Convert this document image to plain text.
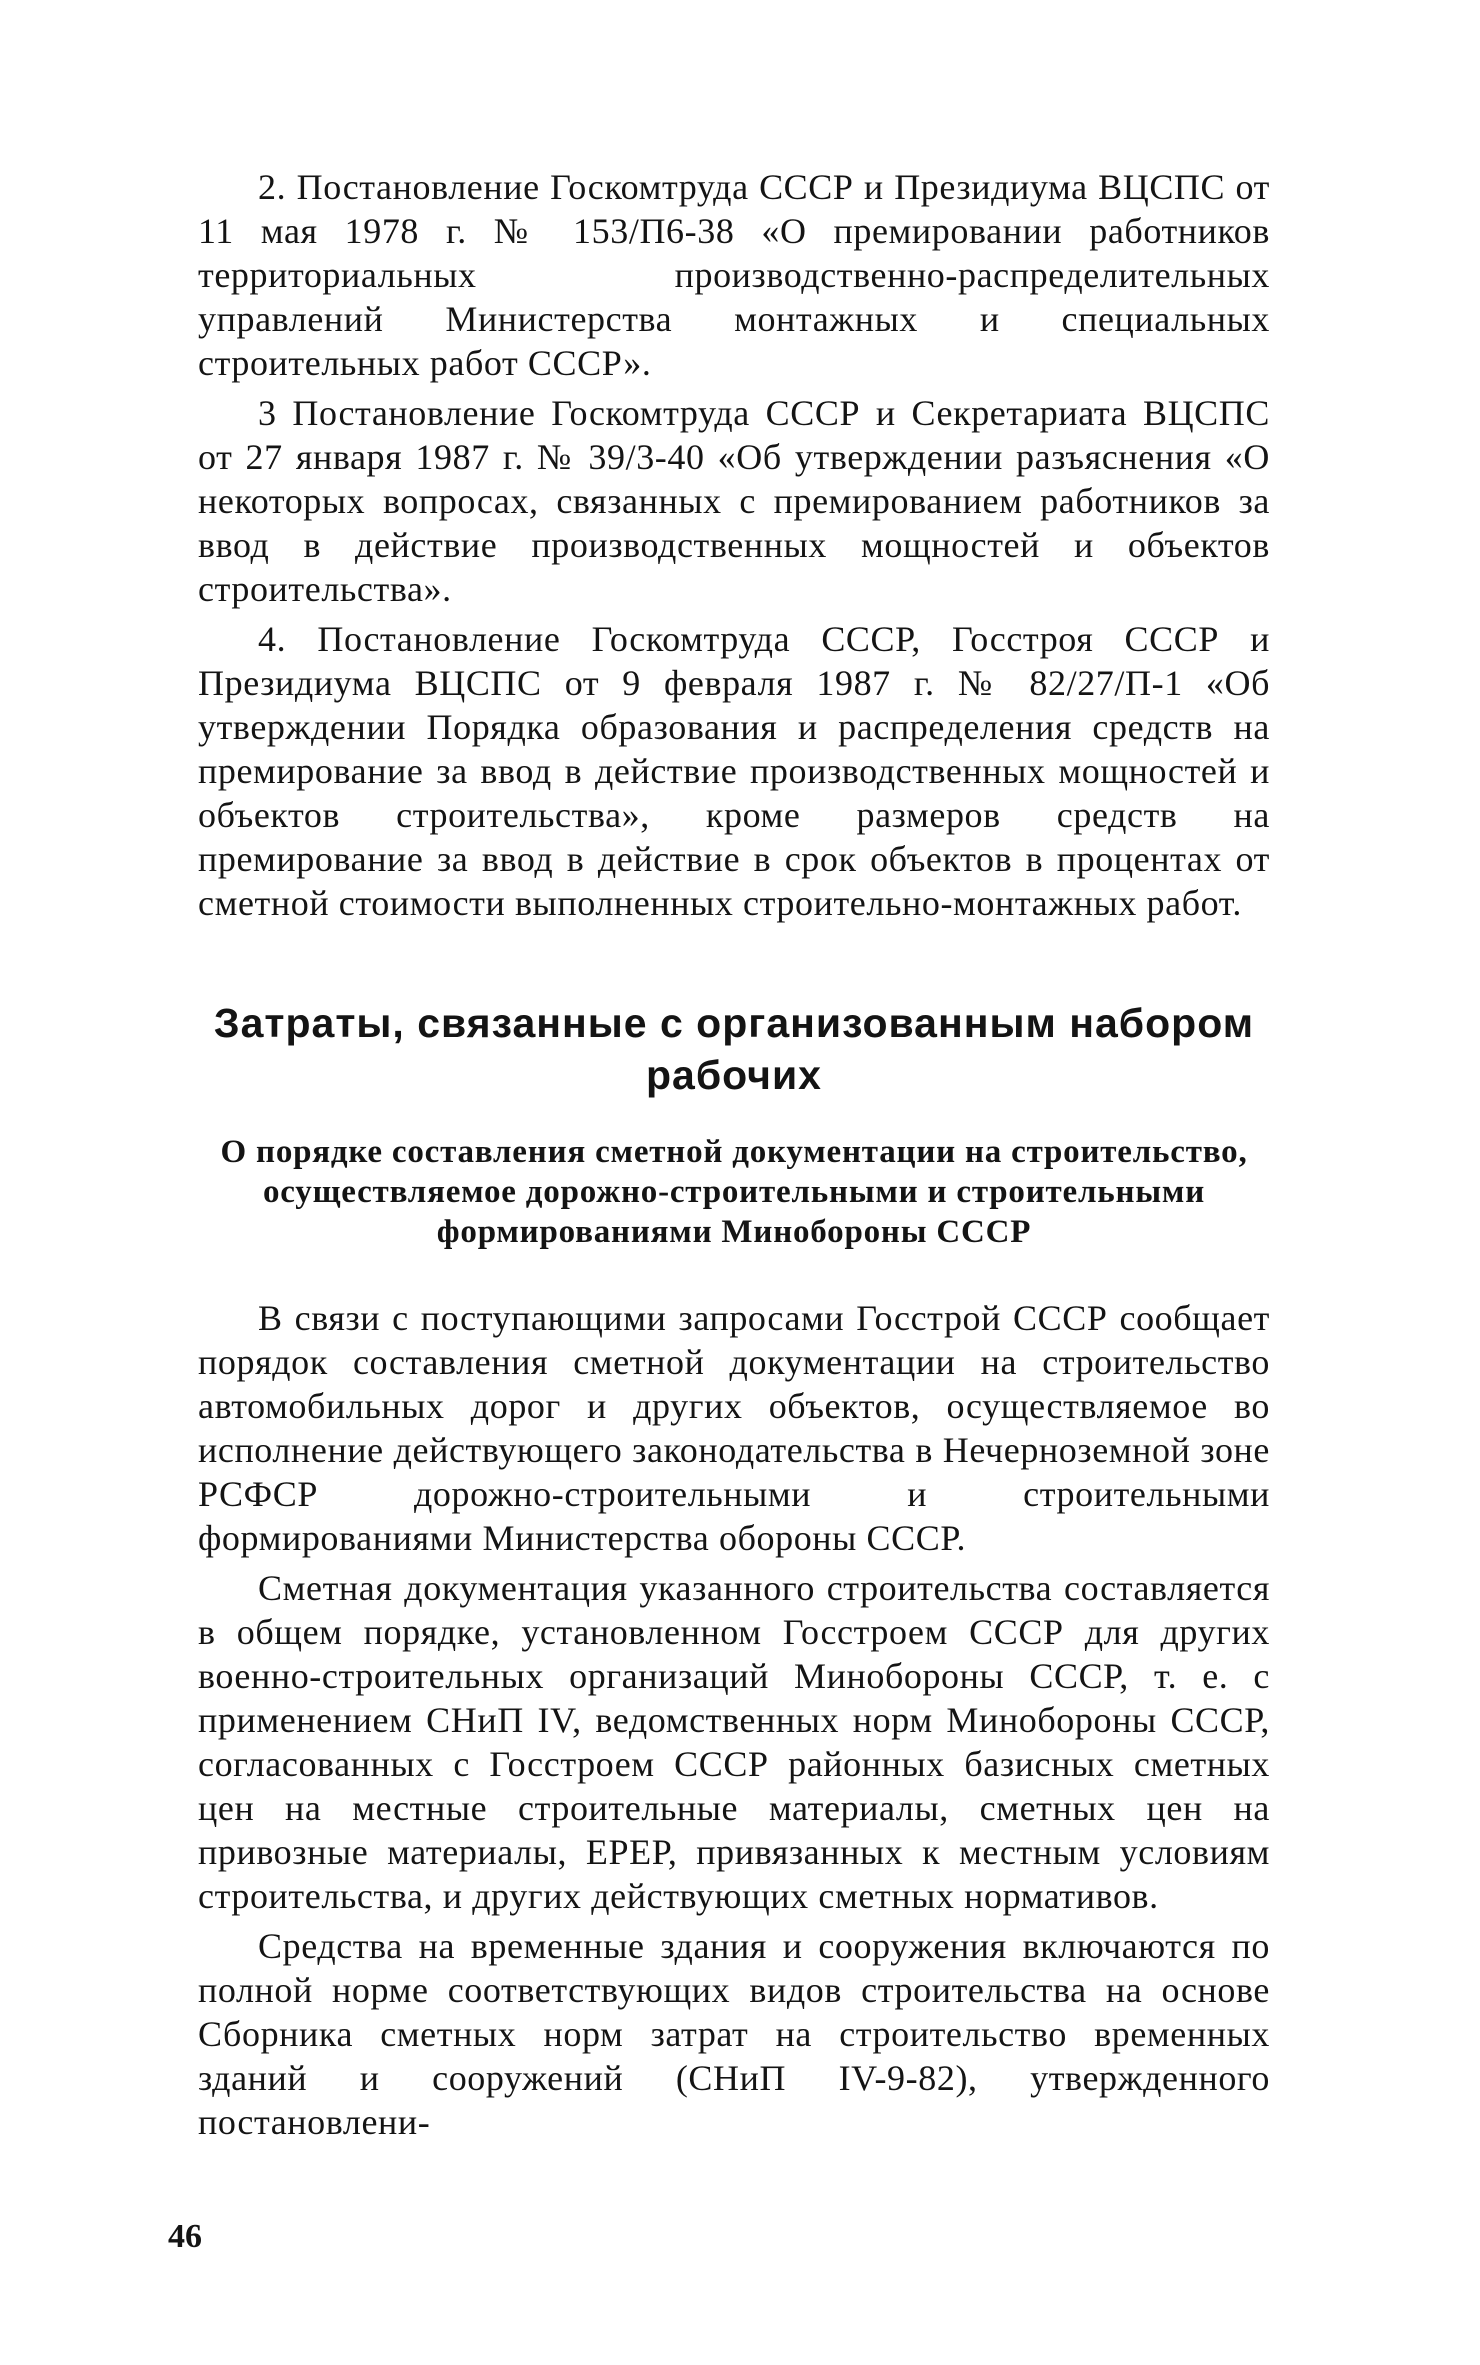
2. Постановление Госкомтруда СССР и Президиума ВЦСПС от 11 мая 1978 г. № 153/П6-38 «О премировании работников территориальных производственно-распределительных управлений Министерства монтажных и специальных строительных работ СССР».

3 Постановление Госкомтруда СССР и Секретариата ВЦСПС от 27 января 1987 г. № 39/3-40 «Об утверждении разъяснения «О некоторых вопросах, связанных с премированием работников за ввод в действие производственных мощностей и объектов строительства».

4. Постановление Госкомтруда СССР, Госстроя СССР и Президиума ВЦСПС от 9 февраля 1987 г. № 82/27/П-1 «Об утверждении Порядка образования и распределения средств на премирование за ввод в действие производственных мощностей и объектов строительства», кроме размеров средств на премирование за ввод в действие в срок объектов в процентах от сметной стоимости выполненных строительно-монтажных работ.

Затраты, связанные с организованным набором рабочих
О порядке составления сметной документации на строительство, осуществляемое дорожно-строительными и строительными формированиями Минобороны СССР

В связи с поступающими запросами Госстрой СССР сообщает порядок составления сметной документации на строительство автомобильных дорог и других объектов, осуществляемое во исполнение действующего законодательства в Нечерноземной зоне РСФСР дорожно-строительными и строительными формированиями Министерства обороны СССР.

Сметная документация указанного строительства составляется в общем порядке, установленном Госстроем СССР для других военно-строительных организаций Минобороны СССР, т. е. с применением СНиП IV, ведомственных норм Минобороны СССР, согласованных с Госстроем СССР районных базисных сметных цен на местные строительные материалы, сметных цен на привозные материалы, ЕРЕР, привязанных к местным условиям строительства, и других действующих сметных нормативов.

Средства на временные здания и сооружения включаются по полной норме соответствующих видов строительства на основе Сборника сметных норм затрат на строительство временных зданий и сооружений (СНиП IV-9-82), утвержденного постановлени-

46
